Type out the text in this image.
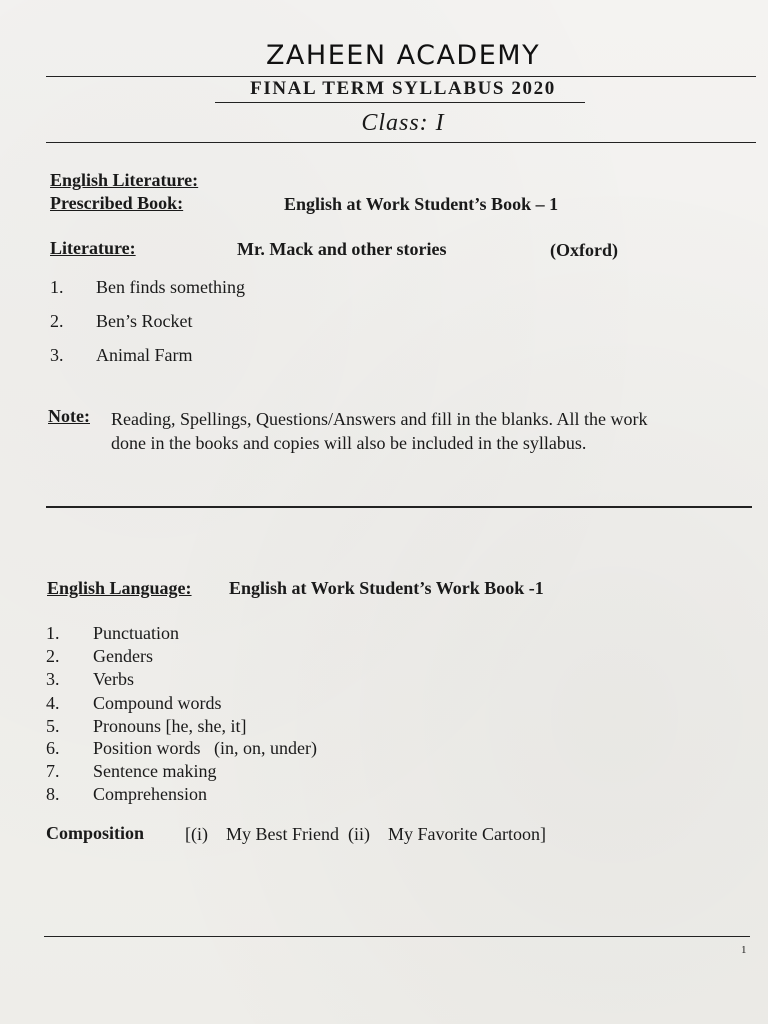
ZAHEEN ACADEMY
FINAL TERM SYLLABUS 2020
Class: I
English Literature:
Prescribed Book:	English at Work Student’s Book – 1
Literature:	Mr. Mack and other stories	(Oxford)
1. Ben finds something
2. Ben’s Rocket
3. Animal Farm
Note: Reading, Spellings, Questions/Answers and fill in the blanks. All the work
done in the books and copies will also be included in the syllabus.
English Language: English at Work Student’s Work Book -1
1. Punctuation
2. Genders
3. Verbs
4. Compound words
5. Pronouns [he, she, it]
6. Position words   (in, on, under)
7. Sentence making
8. Comprehension
Composition [(i)    My Best Friend  (ii)    My Favorite Cartoon]
1
